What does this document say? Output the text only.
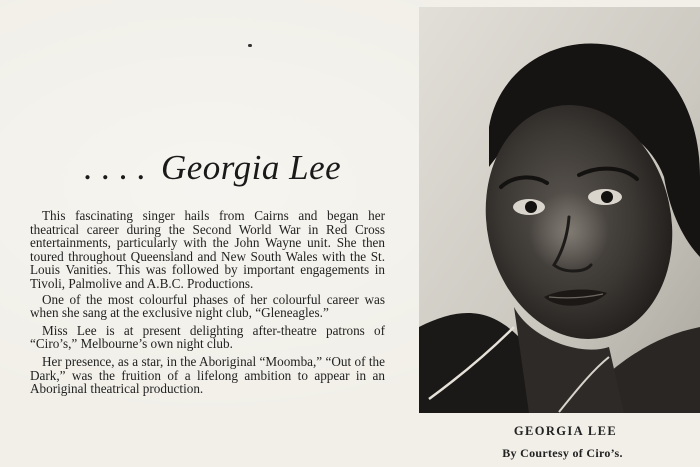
.... Georgia Lee

This fascinating singer hails from Cairns and began her theatrical career during the Second World War in Red Cross entertainments, particularly with the John Wayne unit. She then toured throughout Queensland and New South Wales with the St. Louis Vanities. This was followed by important engagements in Tivoli, Palmolive and A.B.C. Productions.

One of the most colourful phases of her colourful career was when she sang at the exclusive night club, “Gleneagles.”

Miss Lee is at present delighting after-theatre patrons of “Ciro’s,” Melbourne’s own night club.

Her presence, as a star, in the Aboriginal “Moomba,” “Out of the Dark,” was the fruition of a lifelong ambition to appear in an Aboriginal theatrical production.

GEORGIA LEE
By Courtesy of Ciro’s.
